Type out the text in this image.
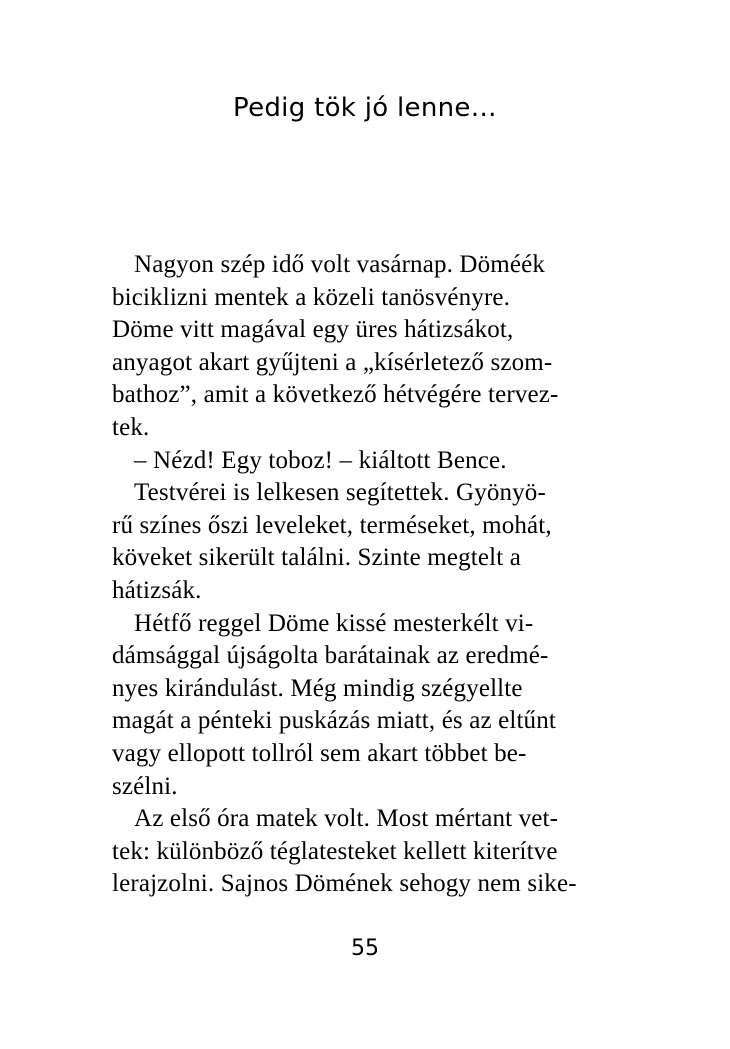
Pedig tök jó lenne…
Nagyon szép idő volt vasárnap. Döméék
biciklizni mentek a közeli tanösvényre.
Döme vitt magával egy üres hátizsákot,
anyagot akart gyűjteni a „kísérletező szom-
bathoz”, amit a következő hétvégére tervez-
tek.
– Nézd! Egy toboz! – kiáltott Bence.
Testvérei is lelkesen segítettek. Gyönyö-
rű színes őszi leveleket, terméseket, mohát,
köveket sikerült találni. Szinte megtelt a
hátizsák.
Hétfő reggel Döme kissé mesterkélt vi-
dámsággal újságolta barátainak az eredmé-
nyes kirándulást. Még mindig szégyellte
magát a pénteki puskázás miatt, és az eltűnt
vagy ellopott tollról sem akart többet be-
szélni.
Az első óra matek volt. Most mértant vet-
tek: különböző téglatesteket kellett kiterítve
lerajzolni. Sajnos Dömének sehogy nem sike-
55
